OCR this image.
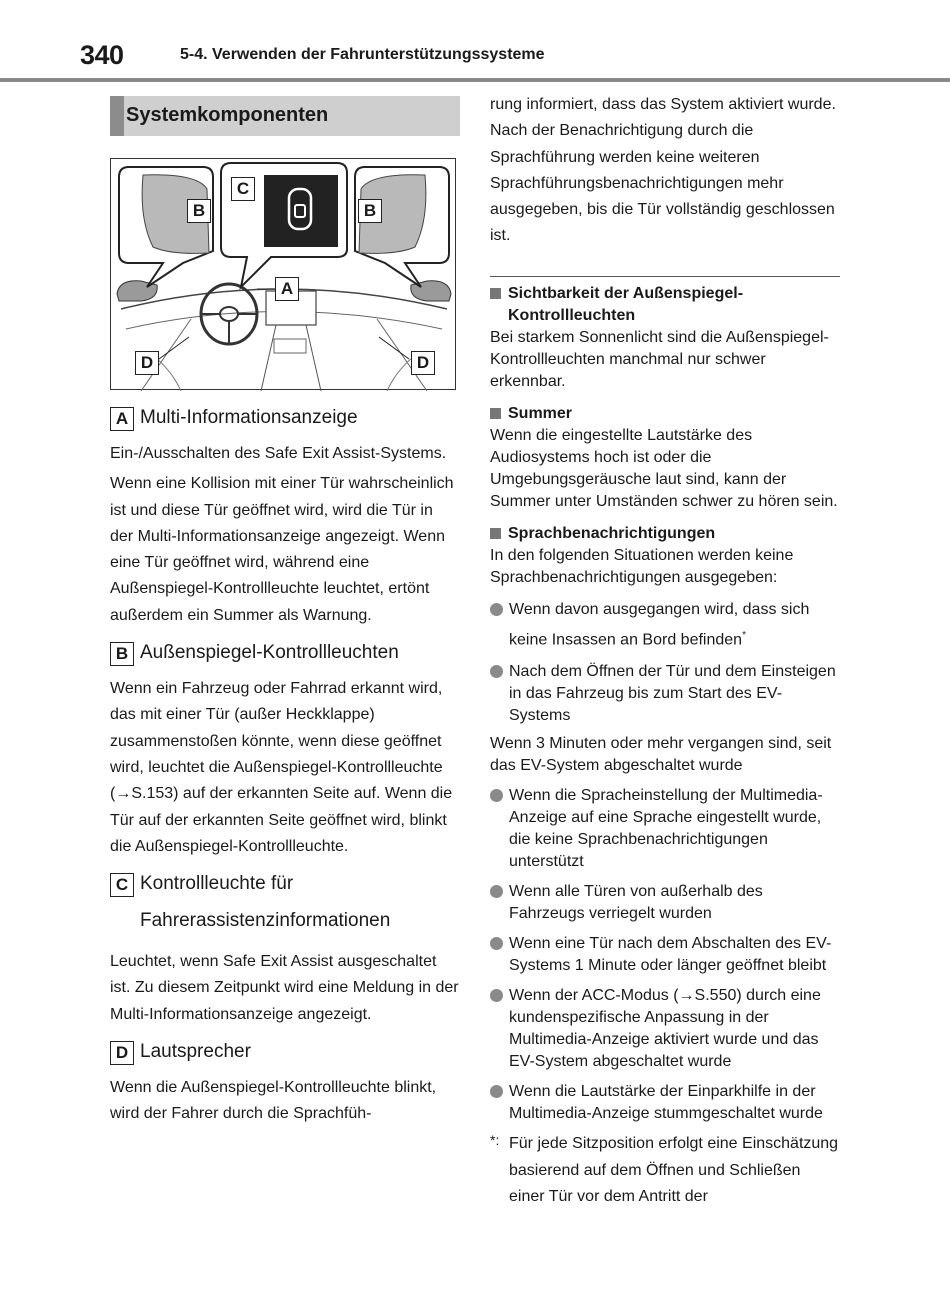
340	5-4. Verwenden der Fahrunterstützungssysteme
Systemkomponenten
B
C
B
A
D	D
A Multi-Informationsanzeige

Ein-/Ausschalten des Safe Exit Assist-Systems.

Wenn eine Kollision mit einer Tür wahrscheinlich ist und diese Tür geöffnet wird, wird die Tür in der Multi-Informationsanzeige angezeigt. Wenn eine Tür geöffnet wird, während eine Außenspiegel-Kontrollleuchte leuchtet, ertönt außerdem ein Summer als Warnung.

B Außenspiegel-Kontrollleuchten

Wenn ein Fahrzeug oder Fahrrad erkannt wird, das mit einer Tür (außer Heckklappe) zusammenstoßen könnte, wenn diese geöffnet wird, leuchtet die Außenspiegel-Kontrollleuchte (→S.153) auf der erkannten Seite auf. Wenn die Tür auf der erkannten Seite geöffnet wird, blinkt die Außenspiegel-Kontrollleuchte.

C Kontrollleuchte für Fahrerassistenzinformationen

Leuchtet, wenn Safe Exit Assist ausgeschaltet ist. Zu diesem Zeitpunkt wird eine Meldung in der Multi-Informationsanzeige angezeigt.

D Lautsprecher

Wenn die Außenspiegel-Kontrollleuchte blinkt, wird der Fahrer durch die Sprachfüh-

rung informiert, dass das System aktiviert wurde. Nach der Benachrichtigung durch die Sprachführung werden keine weiteren Sprachführungsbenachrichtigungen mehr ausgegeben, bis die Tür vollständig geschlossen ist.

Sichtbarkeit der Außenspiegel-Kontrollleuchten

Bei starkem Sonnenlicht sind die Außenspiegel-Kontrollleuchten manchmal nur schwer erkennbar.

Summer

Wenn die eingestellte Lautstärke des Audiosystems hoch ist oder die Umgebungsgeräusche laut sind, kann der Summer unter Umständen schwer zu hören sein.

Sprachbenachrichtigungen

In den folgenden Situationen werden keine Sprachbenachrichtigungen ausgegeben:

Wenn davon ausgegangen wird, dass sich keine Insassen an Bord befinden*
Nach dem Öffnen der Tür und dem Einsteigen in das Fahrzeug bis zum Start des EV-Systems

Wenn 3 Minuten oder mehr vergangen sind, seit das EV-System abgeschaltet wurde

Wenn die Spracheinstellung der Multimedia-Anzeige auf eine Sprache eingestellt wurde, die keine Sprachbenachrichtigungen unterstützt
Wenn alle Türen von außerhalb des Fahrzeugs verriegelt wurden
Wenn eine Tür nach dem Abschalten des EV-Systems 1 Minute oder länger geöffnet bleibt
Wenn der ACC-Modus (→S.550) durch eine kundenspezifische Anpassung in der Multimedia-Anzeige aktiviert wurde und das EV-System abgeschaltet wurde
Wenn die Lautstärke der Einparkhilfe in der Multimedia-Anzeige stummgeschaltet wurde
*: Für jede Sitzposition erfolgt eine Einschätzung basierend auf dem Öffnen und Schließen einer Tür vor dem Antritt der
